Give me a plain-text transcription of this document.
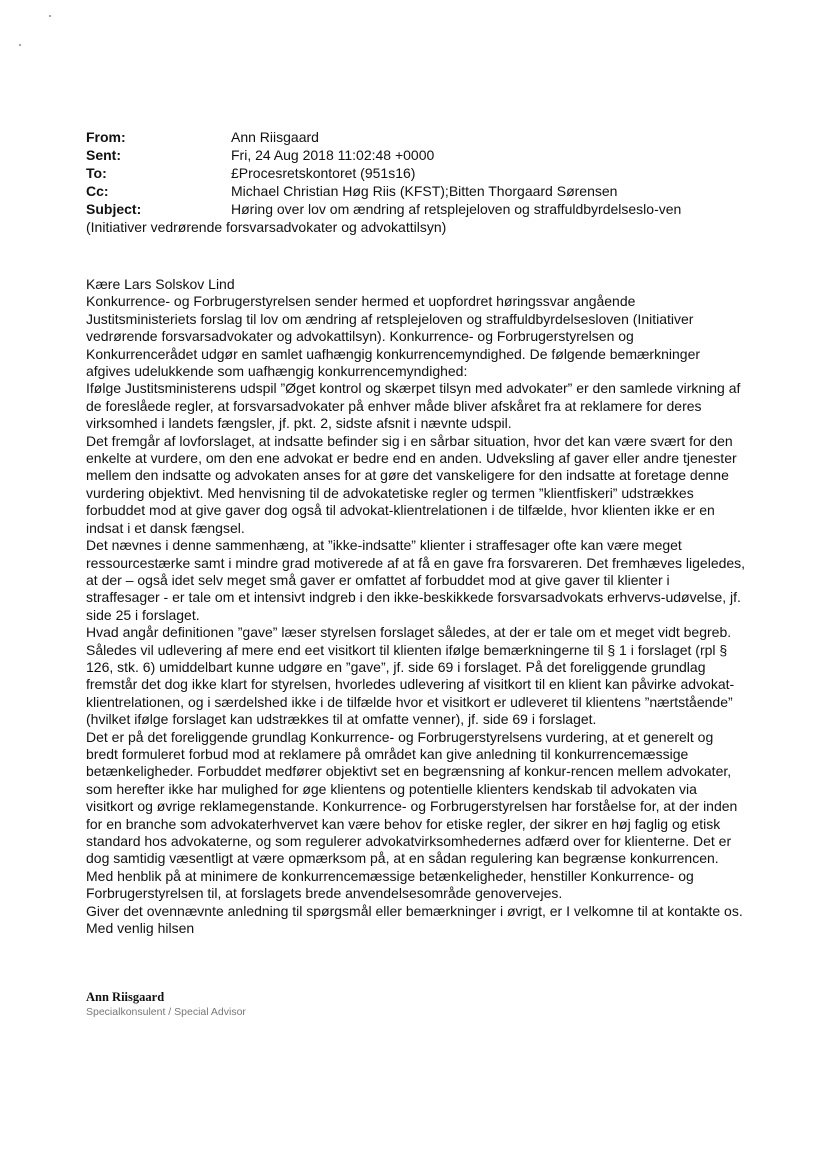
From:	Ann Riisgaard
Sent:	Fri, 24 Aug 2018 11:02:48 +0000
To:	£Procesretskontoret (951s16)
Cc:	Michael Christian Høg Riis (KFST);Bitten Thorgaard Sørensen
Subject:	Høring over lov om ændring af retsplejeloven og straffuldbyrdelseslo-ven
(Initiativer vedrørende forsvarsadvokater og advokattilsyn)

Kære Lars Solskov Lind

Konkurrence- og Forbrugerstyrelsen sender hermed et uopfordret høringssvar angående Justitsministeriets forslag til lov om ændring af retsplejeloven og straffuldbyrdelsesloven (Initiativer vedrørende forsvarsadvokater og advokattilsyn). Konkurrence- og Forbrugerstyrelsen og Konkurrencerådet udgør en samlet uafhængig konkurrencemyndighed. De følgende bemærkninger afgives udelukkende som uafhængig konkurrencemyndighed:

Ifølge Justitsministerens udspil ”Øget kontrol og skærpet tilsyn med advokater” er den samlede virkning af de foreslåede regler, at forsvarsadvokater på enhver måde bliver afskåret fra at reklamere for deres virksomhed i landets fængsler, jf. pkt. 2, sidste afsnit i nævnte udspil.

Det fremgår af lovforslaget, at indsatte befinder sig i en sårbar situation, hvor det kan være svært for den enkelte at vurdere, om den ene advokat er bedre end en anden. Udveksling af gaver eller andre tjenester mellem den indsatte og advokaten anses for at gøre det vanskeligere for den indsatte at foretage denne vurdering objektivt. Med henvisning til de advokatetiske regler og termen ”klientfiskeri” udstrækkes forbuddet mod at give gaver dog også til advokat-klientrelationen i de tilfælde, hvor klienten ikke er en indsat i et dansk fængsel.

Det nævnes i denne sammenhæng, at ”ikke-indsatte” klienter i straffesager ofte kan være meget ressourcestærke samt i mindre grad motiverede af at få en gave fra forsvareren. Det fremhæves ligeledes, at der – også idet selv meget små gaver er omfattet af forbuddet mod at give gaver til klienter i straffesager - er tale om et intensivt indgreb i den ikke-beskikkede forsvarsadvokats erhvervs-udøvelse, jf. side 25 i forslaget.

Hvad angår definitionen ”gave” læser styrelsen forslaget således, at der er tale om et meget vidt begreb. Således vil udlevering af mere end eet visitkort til klienten ifølge bemærkningerne til § 1 i forslaget (rpl § 126, stk. 6) umiddelbart kunne udgøre en ”gave”, jf. side 69 i forslaget. På det foreliggende grundlag fremstår det dog ikke klart for styrelsen, hvorledes udlevering af visitkort til en klient kan påvirke advokat-klientrelationen, og i særdelshed ikke i de tilfælde hvor et visitkort er udleveret til klientens ”nærtstående” (hvilket ifølge forslaget kan udstrækkes til at omfatte venner), jf. side 69 i forslaget.

Det er på det foreliggende grundlag Konkurrence- og Forbrugerstyrelsens vurdering, at et generelt og bredt formuleret forbud mod at reklamere på området kan give anledning til konkurrencemæssige betænkeligheder. Forbuddet medfører objektivt set en begrænsning af konkur-rencen mellem advokater, som herefter ikke har mulighed for øge klientens og potentielle klienters kendskab til advokaten via visitkort og øvrige reklamegenstande. Konkurrence- og Forbrugerstyrelsen har forståelse for, at der inden for en branche som advokaterhvervet kan være behov for etiske regler, der sikrer en høj faglig og etisk standard hos advokaterne, og som regulerer advokatvirksomhedernes adfærd over for klienterne. Det er dog samtidig væsentligt at være opmærksom på, at en sådan regulering kan begrænse konkurrencen.

Med henblik på at minimere de konkurrencemæssige betænkeligheder, henstiller Konkurrence- og Forbrugerstyrelsen til, at forslagets brede anvendelsesområde genovervejes.

Giver det ovennævnte anledning til spørgsmål eller bemærkninger i øvrigt, er I velkomne til at kontakte os.

Med venlig hilsen

Ann Riisgaard
Specialkonsulent / Special Advisor
